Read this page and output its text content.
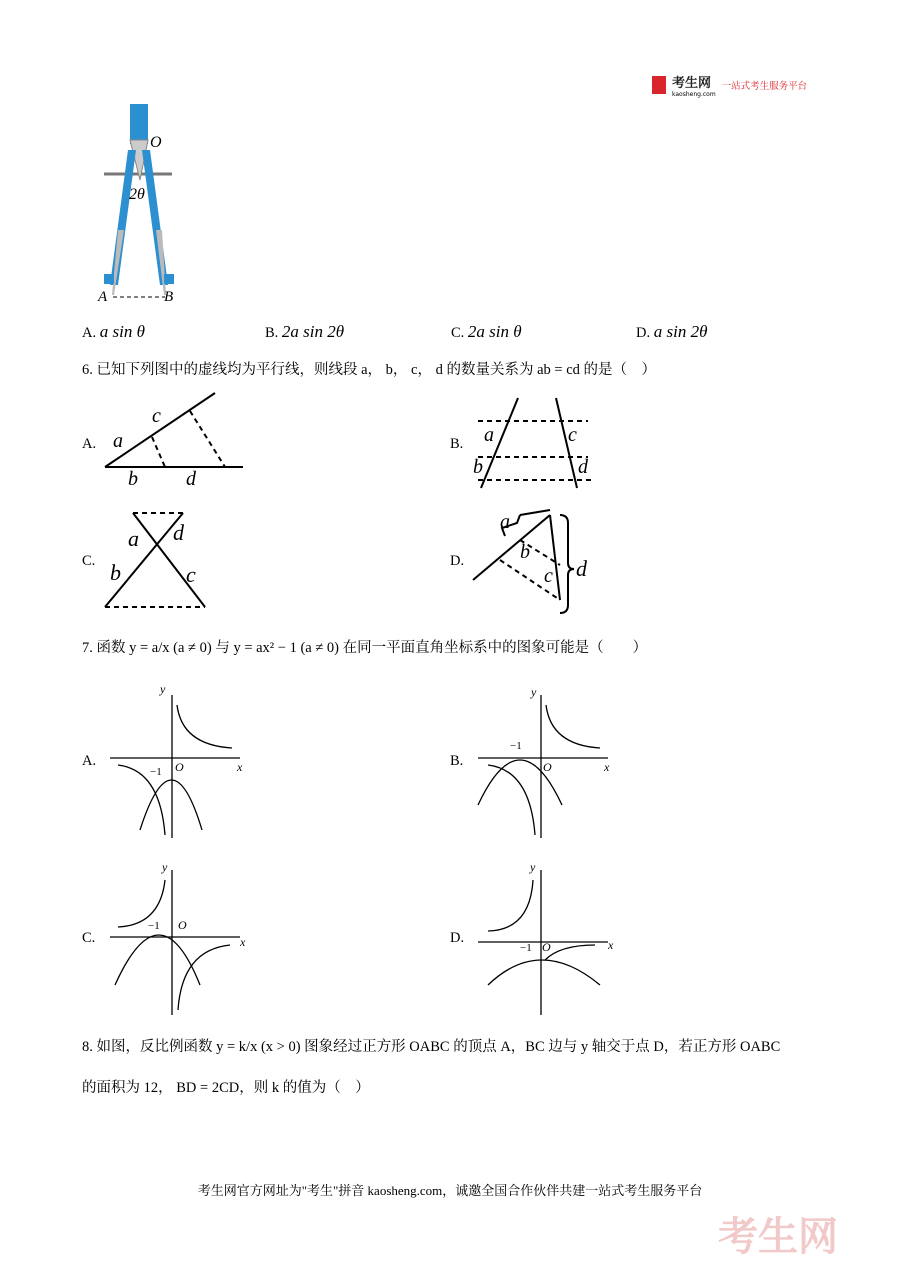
考生网
kaosheng.com
一站式考生服务平台
O
2θ
A	B
A. a sin θ	B. 2a sin 2θ	C. 2a sin θ	D. a sin 2θ
6. 已知下列图中的虚线均为平行线，则线段 a， b， c， d 的数量关系为 ab = cd 的是（　）
A.	B.
C.	D.
a
c
b d
a	c
b	d
a d
b	c
a
b
c d
7. 函数 y = a/x (a ≠ 0) 与 y = ax² − 1 (a ≠ 0) 在同一平面直角坐标系中的图象可能是（　　）
A.	B.
C.	D.
y
O	x
−1
y
O	x
−1
y
O
x
−1
y
O	x
−1
8. 如图，反比例函数 y = k/x (x > 0) 图象经过正方形 OABC 的顶点 A，BC 边与 y 轴交于点 D，若正方形 OABC
的面积为 12， BD = 2CD，则 k 的值为（　）
考生网官方网址为"考生"拼音 kaosheng.com，诚邀全国合作伙伴共建一站式考生服务平台
考生网
